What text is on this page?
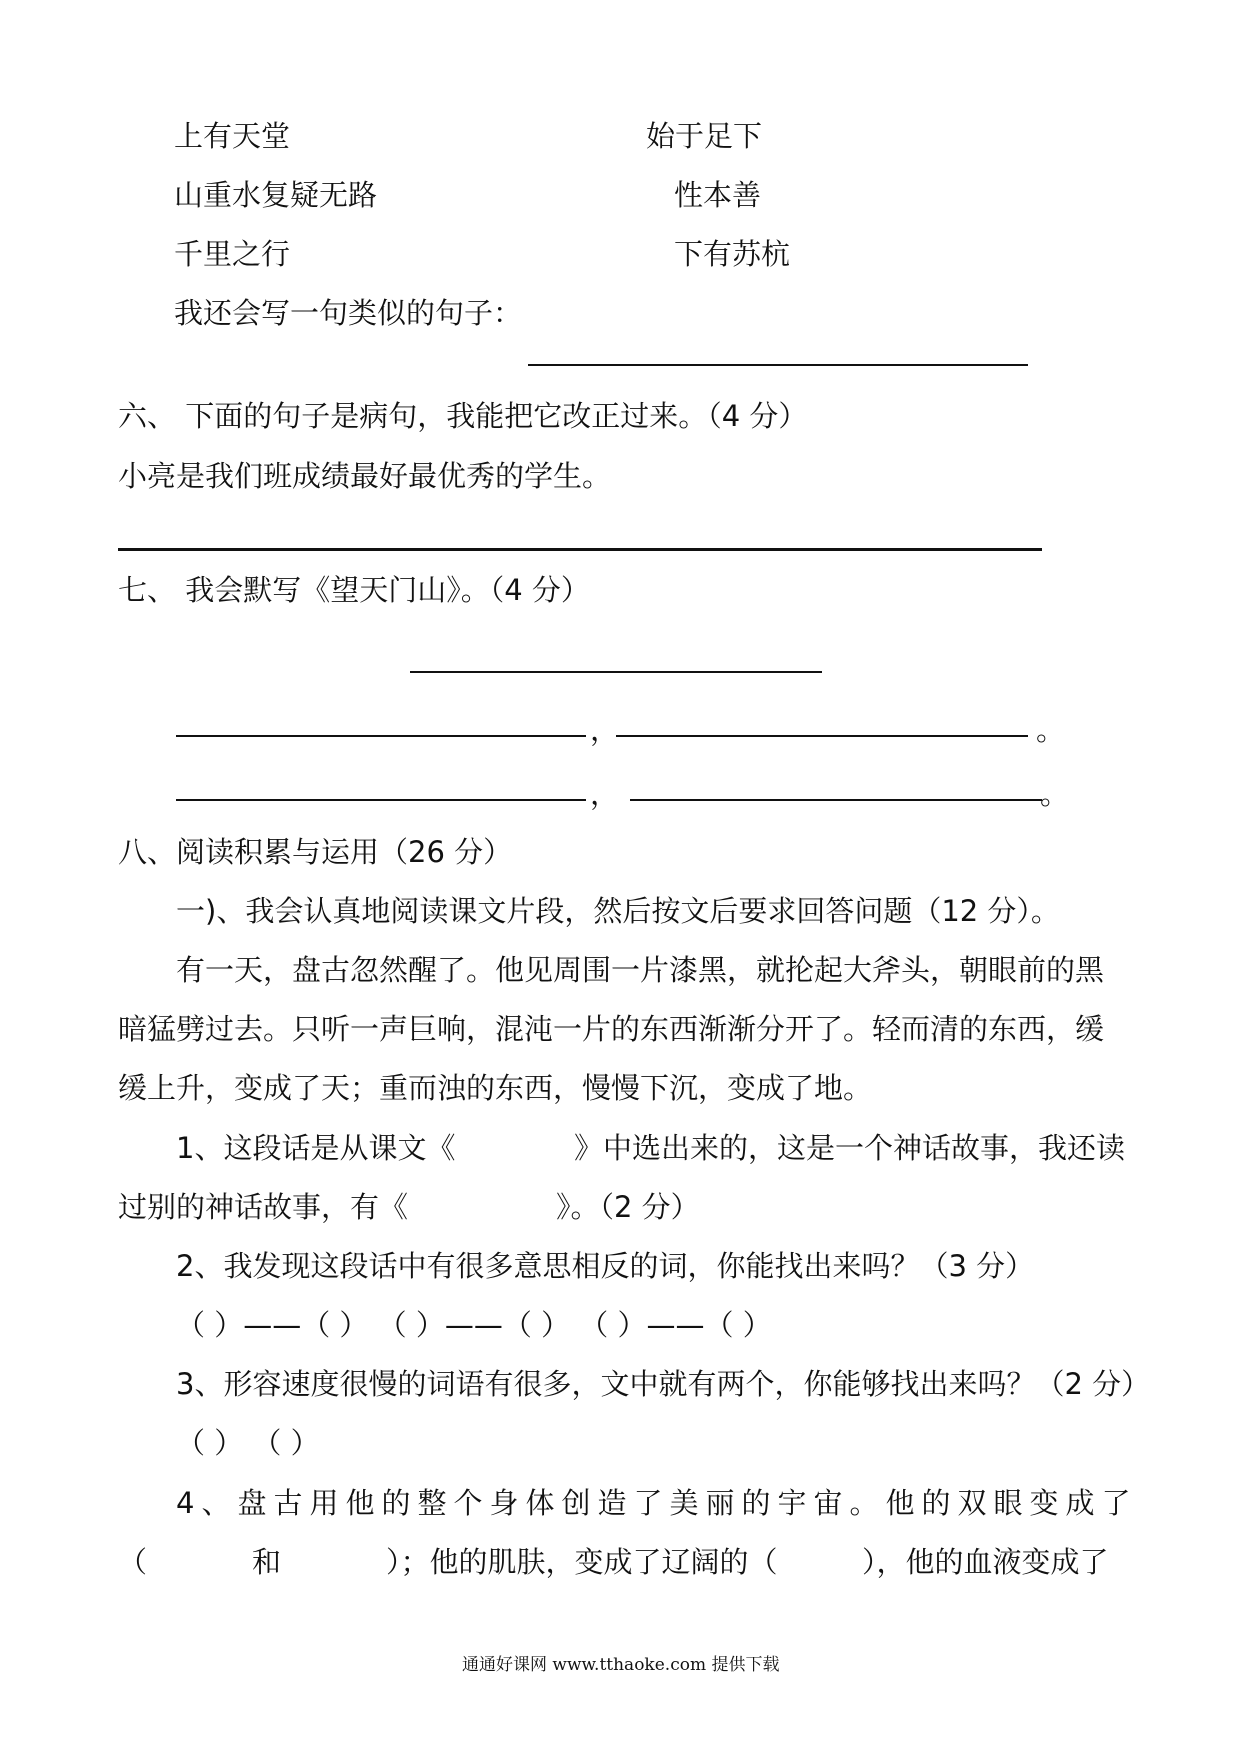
上有天堂	始于足下
山重水复疑无路	性本善
千里之行	下有苏杭
我还会写一句类似的句子：
六、 下面的句子是病句，我能把它改正过来。（4 分）
小亮是我们班成绩最好最优秀的学生。
七、 我会默写《望天门山》。（4 分）
，	。
，	。
八、阅读积累与运用（26 分）
一)、我会认真地阅读课文片段，然后按文后要求回答问题（12 分）。
有一天，盘古忽然醒了。他见周围一片漆黑，就抡起大斧头，朝眼前的黑
暗猛劈过去。只听一声巨响，混沌一片的东西渐渐分开了。轻而清的东西，缓
缓上升，变成了天；重而浊的东西，慢慢下沉，变成了地。
1、这段话是从课文《	》中选出来的，这是一个神话故事，我还读
过别的神话故事，有《	》。（2 分）
2、我发现这段话中有很多意思相反的词，你能找出来吗？（3 分）
（ ）——（ ） （ ）——（ ） （ ）——（ ）
3、形容速度很慢的词语有很多，文中就有两个，你能够找出来吗？（2 分）
（ ） （ ）
4、盘古用他的整个身体创造了美丽的宇宙。他的双眼变成了
（	和	）；他的肌肤，变成了辽阔的（	），他的血液变成了
通通好课网 www.tthaoke.com 提供下载
